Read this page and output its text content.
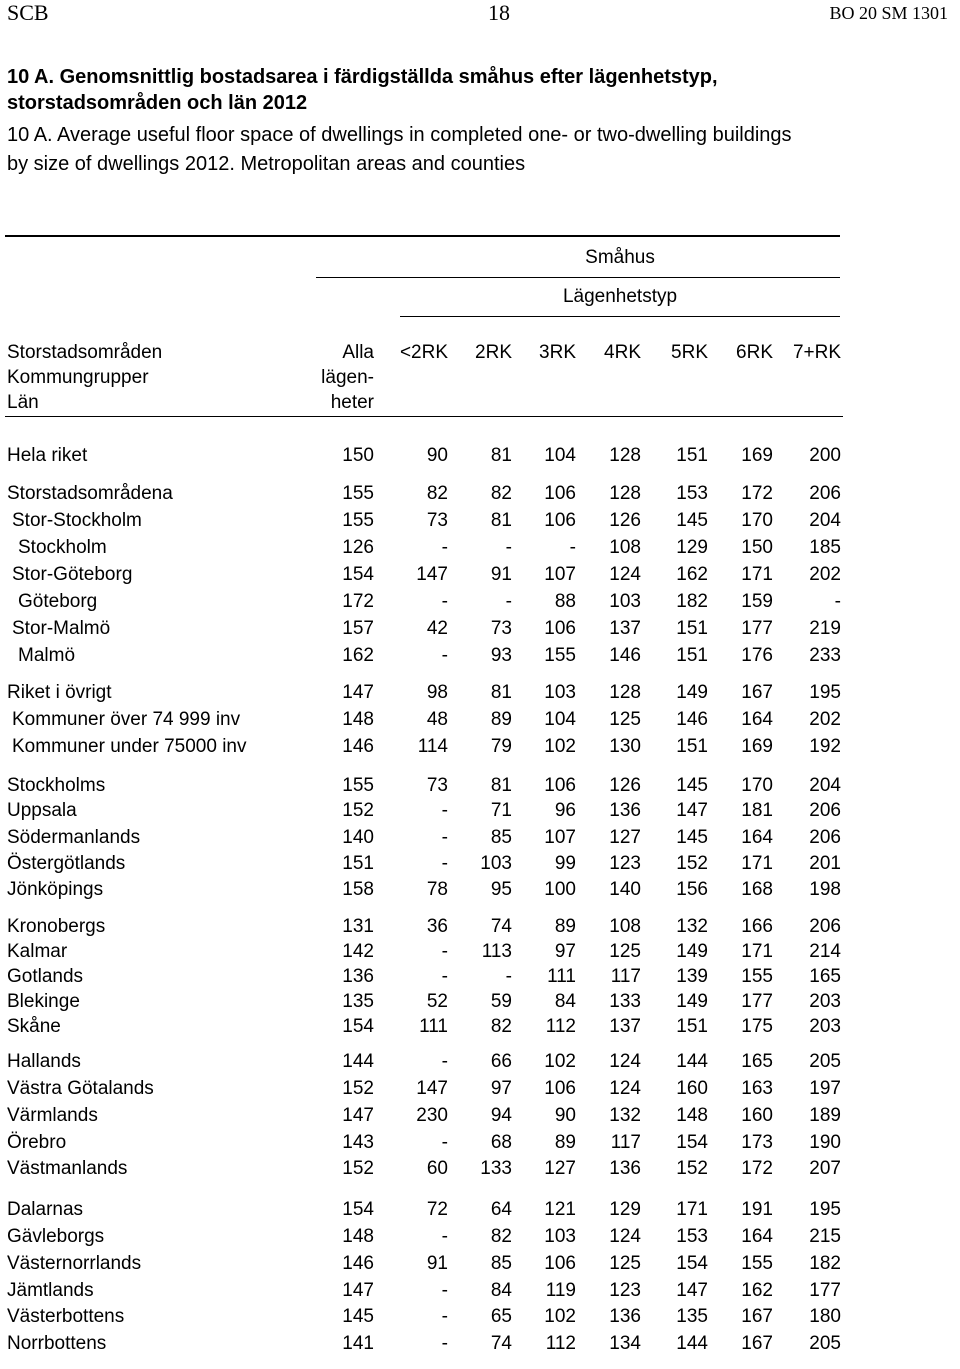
SCB	18	BO 20 SM 1301
10 A. Genomsnittlig bostadsarea i färdigställda småhus efter lägenhetstyp,
storstadsområden och län 2012
10 A. Average useful floor space of dwellings in completed one- or two-dwelling buildings
by size of dwellings 2012. Metropolitan areas and counties
Småhus
Lägenhetstyp
Storstadsområden
Kommungrupper
Län
Alla
lägen-
heter
<2RK 2RK 3RK 4RK 5RK 6RK 7+RK
Hela riket	150	90 81 104 128 151 169 200
Storstadsområdena	155	82 82 106 128 153 172 206
Stor-Stockholm	155	73 81 106 126 145 170 204
Stockholm	126	-	-	- 108 129 150 185
Stor-Göteborg	154 147 91 107 124 162 171 202
Göteborg	172	-	- 88 103 182 159	-
Stor-Malmö	157	42 73 106 137 151 177 219
Malmö	162	- 93 155 146 151 176 233
Riket i övrigt	147	98 81 103 128 149 167 195
Kommuner över 74 999 inv	148	48 89 104 125 146 164 202
Kommuner under 75000 inv	146 114 79 102 130 151 169 192
Stockholms	155	73 81 106 126 145 170 204
Uppsala	152	- 71 96 136 147 181 206
Södermanlands	140	- 85 107 127 145 164 206
Östergötlands	151	- 103 99 123 152 171 201
Jönköpings	158	78 95 100 140 156 168 198
Kronobergs	131	36 74 89 108 132 166 206
Kalmar	142	- 113 97 125 149 171 214
Gotlands	136	-	- 111 117 139 155 165
Blekinge	135	52 59 84 133 149 177 203
Skåne	154 111 82 112 137 151 175 203
Hallands	144	- 66 102 124 144 165 205
Västra Götalands	152 147 97 106 124 160 163 197
Värmlands	147 230 94 90 132 148 160 189
Örebro	143	- 68 89 117 154 173 190
Västmanlands	152	60 133 127 136 152 172 207
Dalarnas	154	72 64 121 129 171 191 195
Gävleborgs	148	- 82 103 124 153 164 215
Västernorrlands	146	91 85 106 125 154 155 182
Jämtlands	147	- 84 119 123 147 162 177
Västerbottens	145	- 65 102 136 135 167 180
Norrbottens	141	- 74 112 134 144 167 205
